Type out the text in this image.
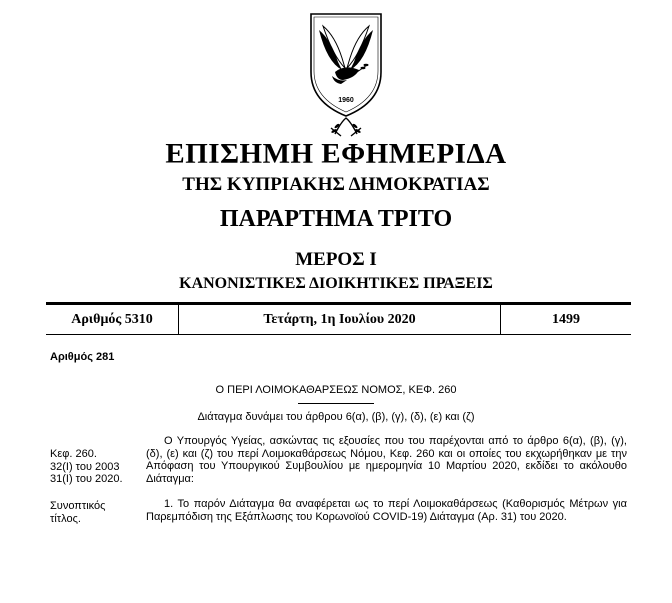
1960
ΕΠΙΣΗΜΗ ΕΦΗΜΕΡΙΔΑ
ΤΗΣ ΚΥΠΡΙΑΚΗΣ ΔΗΜΟΚΡΑΤΙΑΣ
ΠΑΡΑΡΤΗΜΑ ΤΡΙΤΟ
ΜΕΡΟΣ Ι
ΚΑΝΟΝΙΣΤΙΚΕΣ ΔΙΟΙΚΗΤΙΚΕΣ ΠΡΑΞΕΙΣ
Αριθμός 5310	Τετάρτη, 1η Ιουλίου 2020	1499
Αριθμός 281
Ο ΠΕΡΙ ΛΟΙΜΟΚΑΘΑΡΣΕΩΣ ΝΟΜΟΣ, ΚΕΦ. 260
Διάταγμα δυνάμει του άρθρου 6(α), (β), (γ), (δ), (ε) και (ζ)
Κεφ. 260.
32(Ι) του 2003
31(Ι) του 2020.
Ο Υπουργός Υγείας, ασκώντας τις εξουσίες που του παρέχονται από το άρθρο 6(α), (β), (γ), (δ), (ε) και (ζ) του περί Λοιμοκαθάρσεως Νόμου, Κεφ. 260 και οι οποίες του εκχωρήθηκαν με την Απόφαση του Υπουργικού Συμβουλίου με ημερομηνία 10 Μαρτίου 2020, εκδίδει το ακόλουθο Διάταγμα:
Συνοπτικός
τίτλος.
1. Το παρόν Διάταγμα θα αναφέρεται ως το περί Λοιμοκαθάρσεως (Καθορισμός Μέτρων για Παρεμπόδιση της Εξάπλωσης του Κορωνοϊού COVID-19) Διάταγμα (Αρ. 31) του 2020.
